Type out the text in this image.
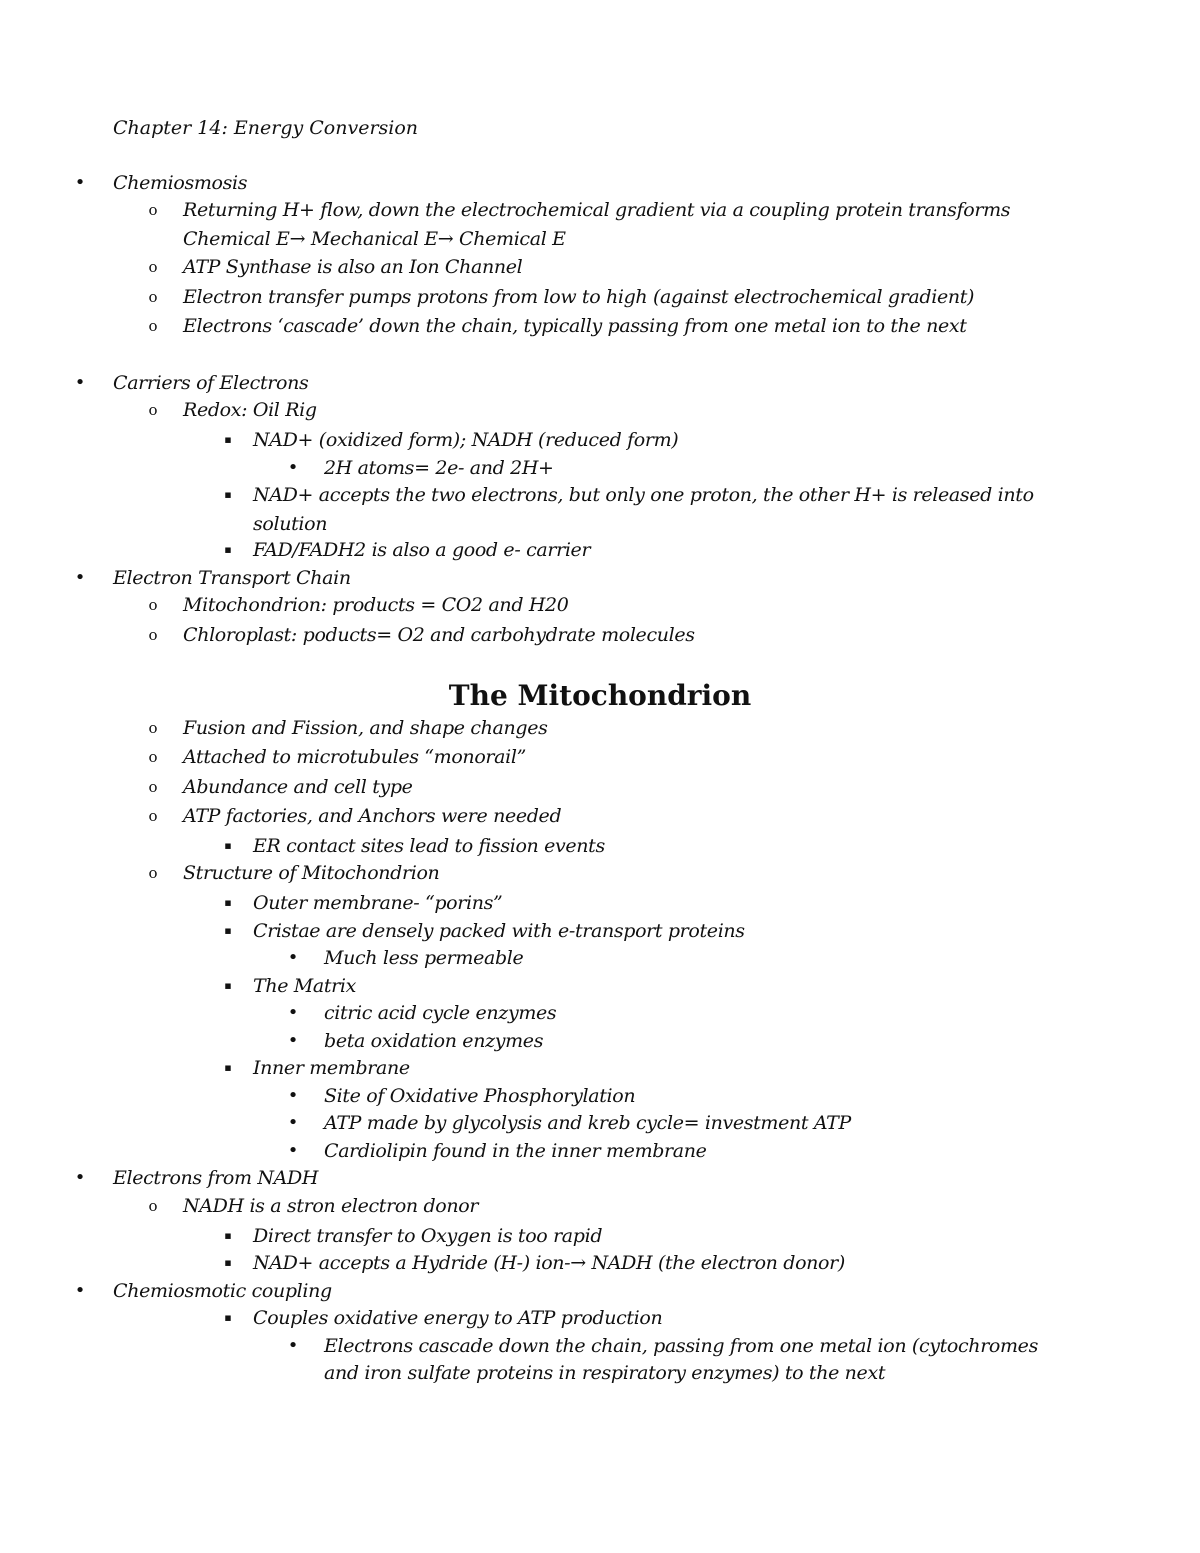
Chapter 14: Energy Conversion
The Mitochondrion
• Chemiosmosis
o Returning H+ flow, down the electrochemical gradient via a coupling protein transforms
Chemical E→ Mechanical E→ Chemical E
o ATP Synthase is also an Ion Channel
o Electron transfer pumps protons from low to high (against electrochemical gradient)
o Electrons ‘cascade’ down the chain, typically passing from one metal ion to the next
• Carriers of Electrons
o Redox: Oil Rig
▪	NAD+ (oxidized form); NADH (reduced form)
• 2H atoms= 2e- and 2H+
▪	NAD+ accepts the two electrons, but only one proton, the other H+ is released into
solution
▪	FAD/FADH2 is also a good e- carrier
• Electron Transport Chain
o Mitochondrion: products = CO2 and H20
o Chloroplast: poducts= O2 and carbohydrate molecules
o Fusion and Fission, and shape changes
o Attached to microtubules “monorail”
o Abundance and cell type
o ATP factories, and Anchors were needed
▪	ER contact sites lead to fission events
o Structure of Mitochondrion
▪	Outer membrane- “porins”
▪	Cristae are densely packed with e-transport proteins
• Much less permeable
▪	The Matrix
• citric acid cycle enzymes
• beta oxidation enzymes
▪	Inner membrane
• Site of Oxidative Phosphorylation
• ATP made by glycolysis and kreb cycle= investment ATP
• Cardiolipin found in the inner membrane
• Electrons from NADH
o NADH is a stron electron donor
▪	Direct transfer to Oxygen is too rapid
▪	NAD+ accepts a Hydride (H-) ion-→ NADH (the electron donor)
• Chemiosmotic coupling
▪	Couples oxidative energy to ATP production
• Electrons cascade down the chain, passing from one metal ion (cytochromes
and iron sulfate proteins in respiratory enzymes) to the next
